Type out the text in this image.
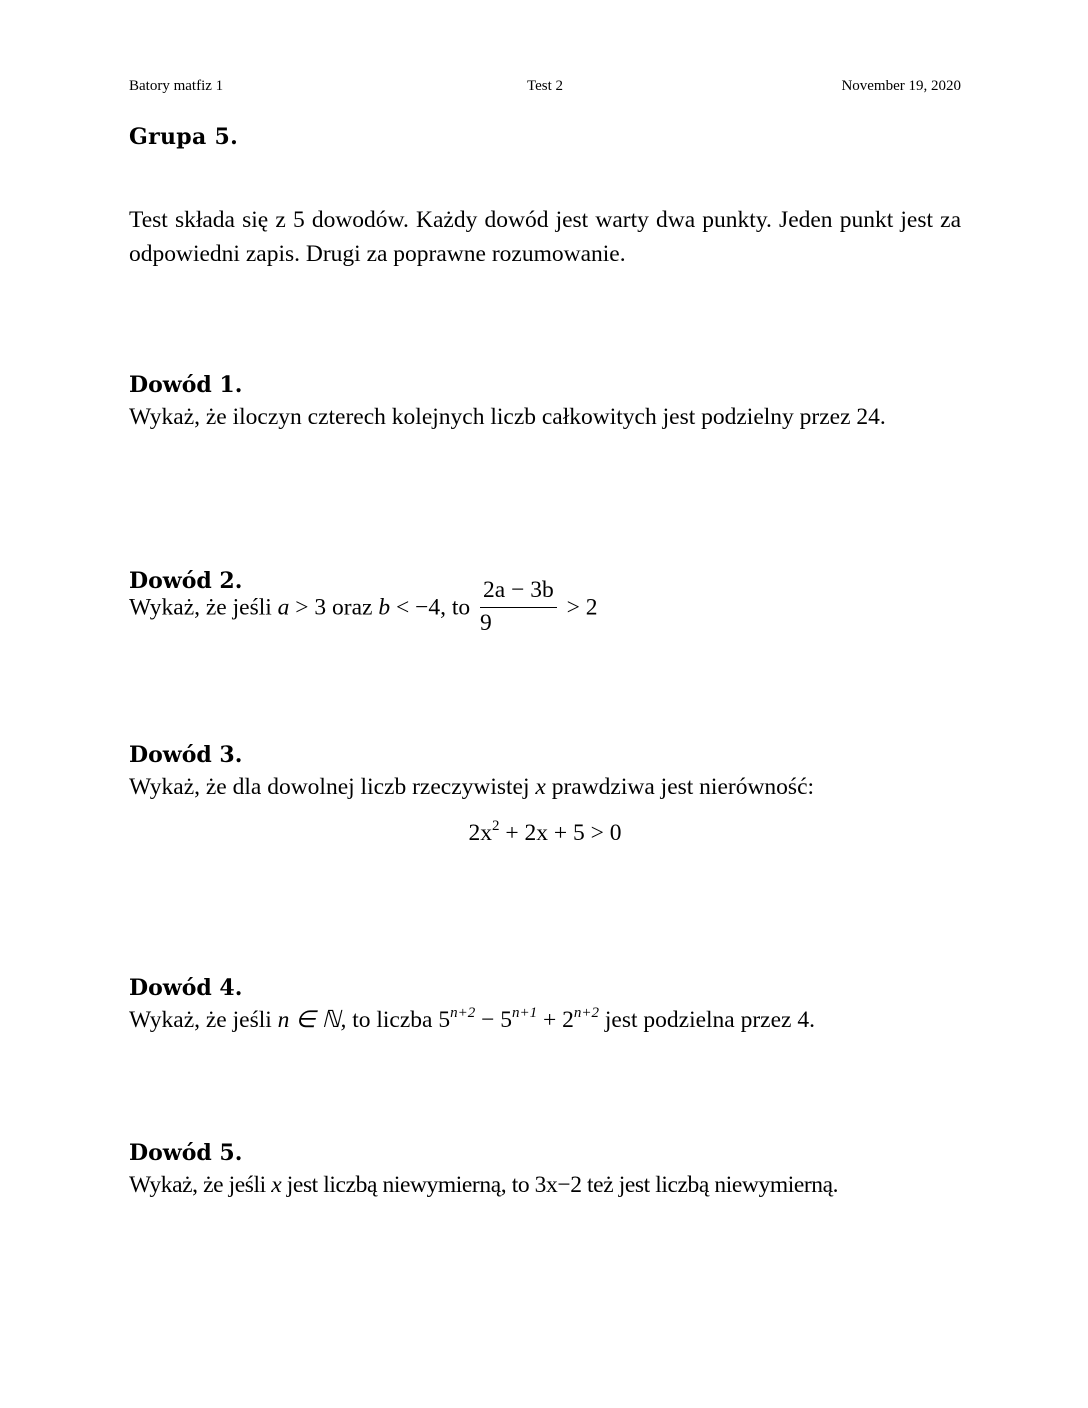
Batory matfiz 1	Test 2	November 19, 2020
Grupa 5.
Test składa się z 5 dowodów. Każdy dowód jest warty dwa punkty. Jeden punkt jest za odpowiedni zapis. Drugi za poprawne rozumowanie.
Dowód 1.
Wykaż, że iloczyn czterech kolejnych liczb całkowitych jest podzielny przez 24.
Dowód 2.
Wykaż, że jeśli a > 3 oraz b < −4, to $\frac{2a - 3b}{9} > 2$
Dowód 3.
Wykaż, że dla dowolnej liczb rzeczywistej x prawdziwa jest nierówność:
$2x^2 + 2x + 5 > 0$
Dowód 4.
Wykaż, że jeśli n ∈ ℕ, to liczba $5^{n+2} - 5^{n+1} + 2^{n+2}$ jest podzielna przez 4.
Dowód 5.
Wykaż, że jeśli x jest liczbą niewymierną, to 3x−2 też jest liczbą niewymierną.
